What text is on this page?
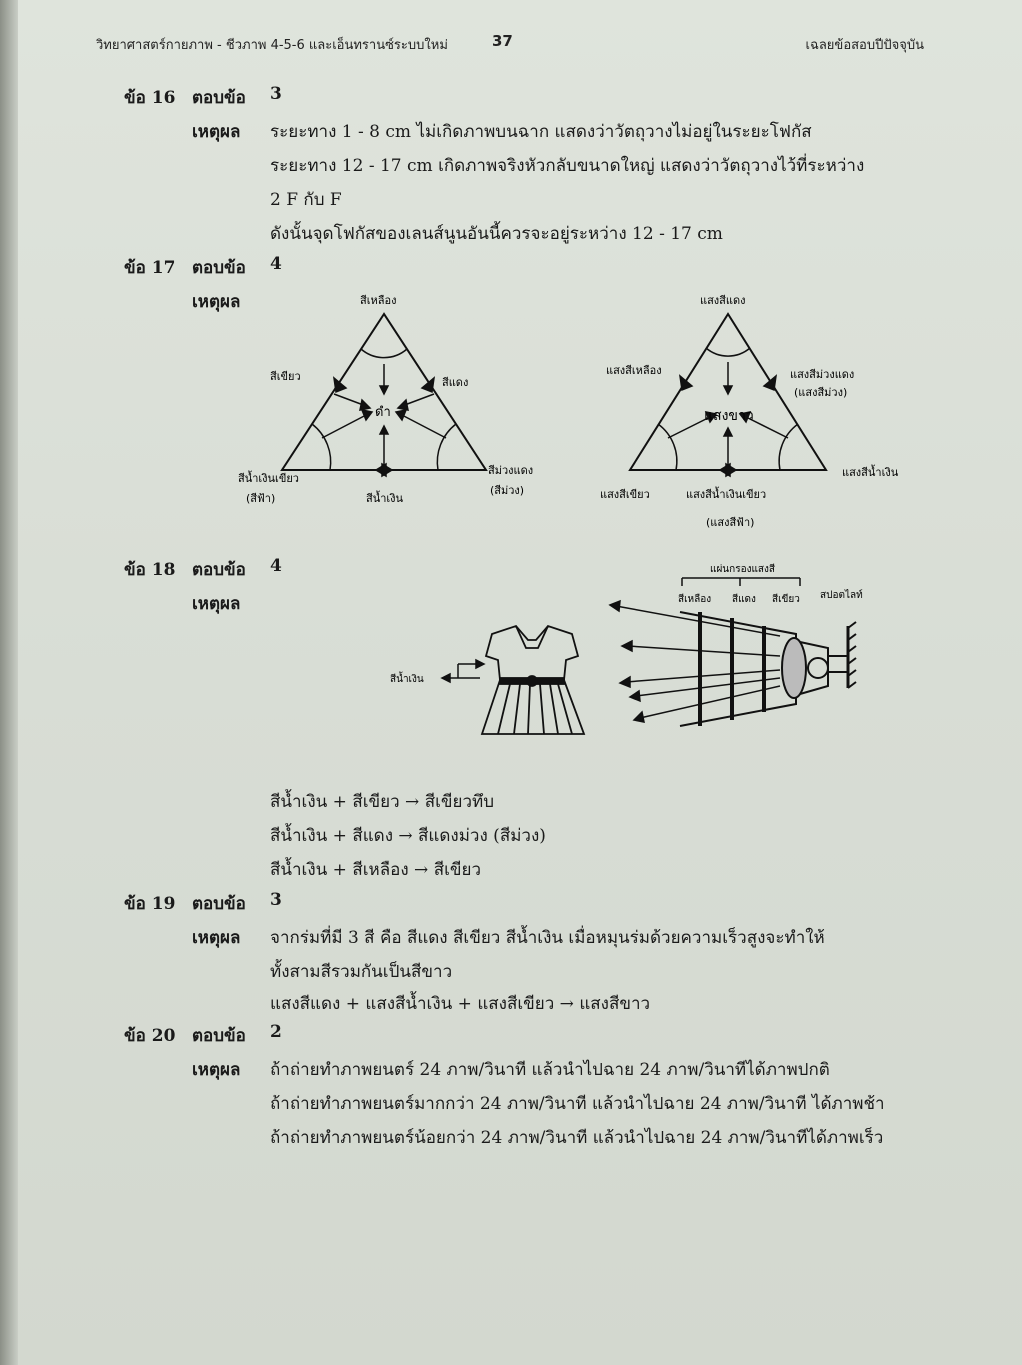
วิทยาศาสตร์กายภาพ - ชีวภาพ 4-5-6 และเอ็นทรานซ์ระบบใหม่	37	เฉลยข้อสอบปีปัจจุบัน
ข้อ 16 ตอบข้อ 3
เหตุผล ระยะทาง 1 - 8 cm ไม่เกิดภาพบนฉาก แสดงว่าวัตถุวางไม่อยู่ในระยะโฟกัส
ระยะทาง 12 - 17 cm เกิดภาพจริงหัวกลับขนาดใหญ่ แสดงว่าวัตถุวางไว้ที่ระหว่าง
2 F กับ F
ดังนั้นจุดโฟกัสของเลนส์นูนอันนี้ควรจะอยู่ระหว่าง 12 - 17 cm
ข้อ 17 ตอบข้อ 4
เหตุผล	สีเหลือง
สีเขียว	สีแดง
ดำ
สีน้ำเงินเขียว
(สีฟ้า)	สีน้ำเงิน
สีม่วงแดง
(สีม่วง)
แสงสีแดง
แสงสีเหลือง	แสงสีม่วงแดง
(แสงสีม่วง)
แสงขาว
แสงสีเขียว	แสงสีน้ำเงินเขียว
(แสงสีฟ้า)
แสงสีน้ำเงิน
ข้อ 18 ตอบข้อ 4
เหตุผล
สีน้ำเงิน
แผ่นกรองแสงสี
สีเหลือง สีแดง สีเขียว สปอตไลท์
สีน้ำเงิน + สีเขียว → สีเขียวทึบ
สีน้ำเงิน + สีแดง → สีแดงม่วง (สีม่วง)
สีน้ำเงิน + สีเหลือง → สีเขียว
ข้อ 19 ตอบข้อ 3
เหตุผล จากร่มที่มี 3 สี คือ สีแดง สีเขียว สีน้ำเงิน เมื่อหมุนร่มด้วยความเร็วสูงจะทำให้
ทั้งสามสีรวมกันเป็นสีขาว
แสงสีแดง + แสงสีน้ำเงิน + แสงสีเขียว → แสงสีขาว
ข้อ 20 ตอบข้อ 2
เหตุผล ถ้าถ่ายทำภาพยนตร์ 24 ภาพ/วินาที แล้วนำไปฉาย 24 ภาพ/วินาทีได้ภาพปกติ
ถ้าถ่ายทำภาพยนตร์มากกว่า 24 ภาพ/วินาที แล้วนำไปฉาย 24 ภาพ/วินาที ได้ภาพช้า
ถ้าถ่ายทำภาพยนตร์น้อยกว่า 24 ภาพ/วินาที แล้วนำไปฉาย 24 ภาพ/วินาทีได้ภาพเร็ว
